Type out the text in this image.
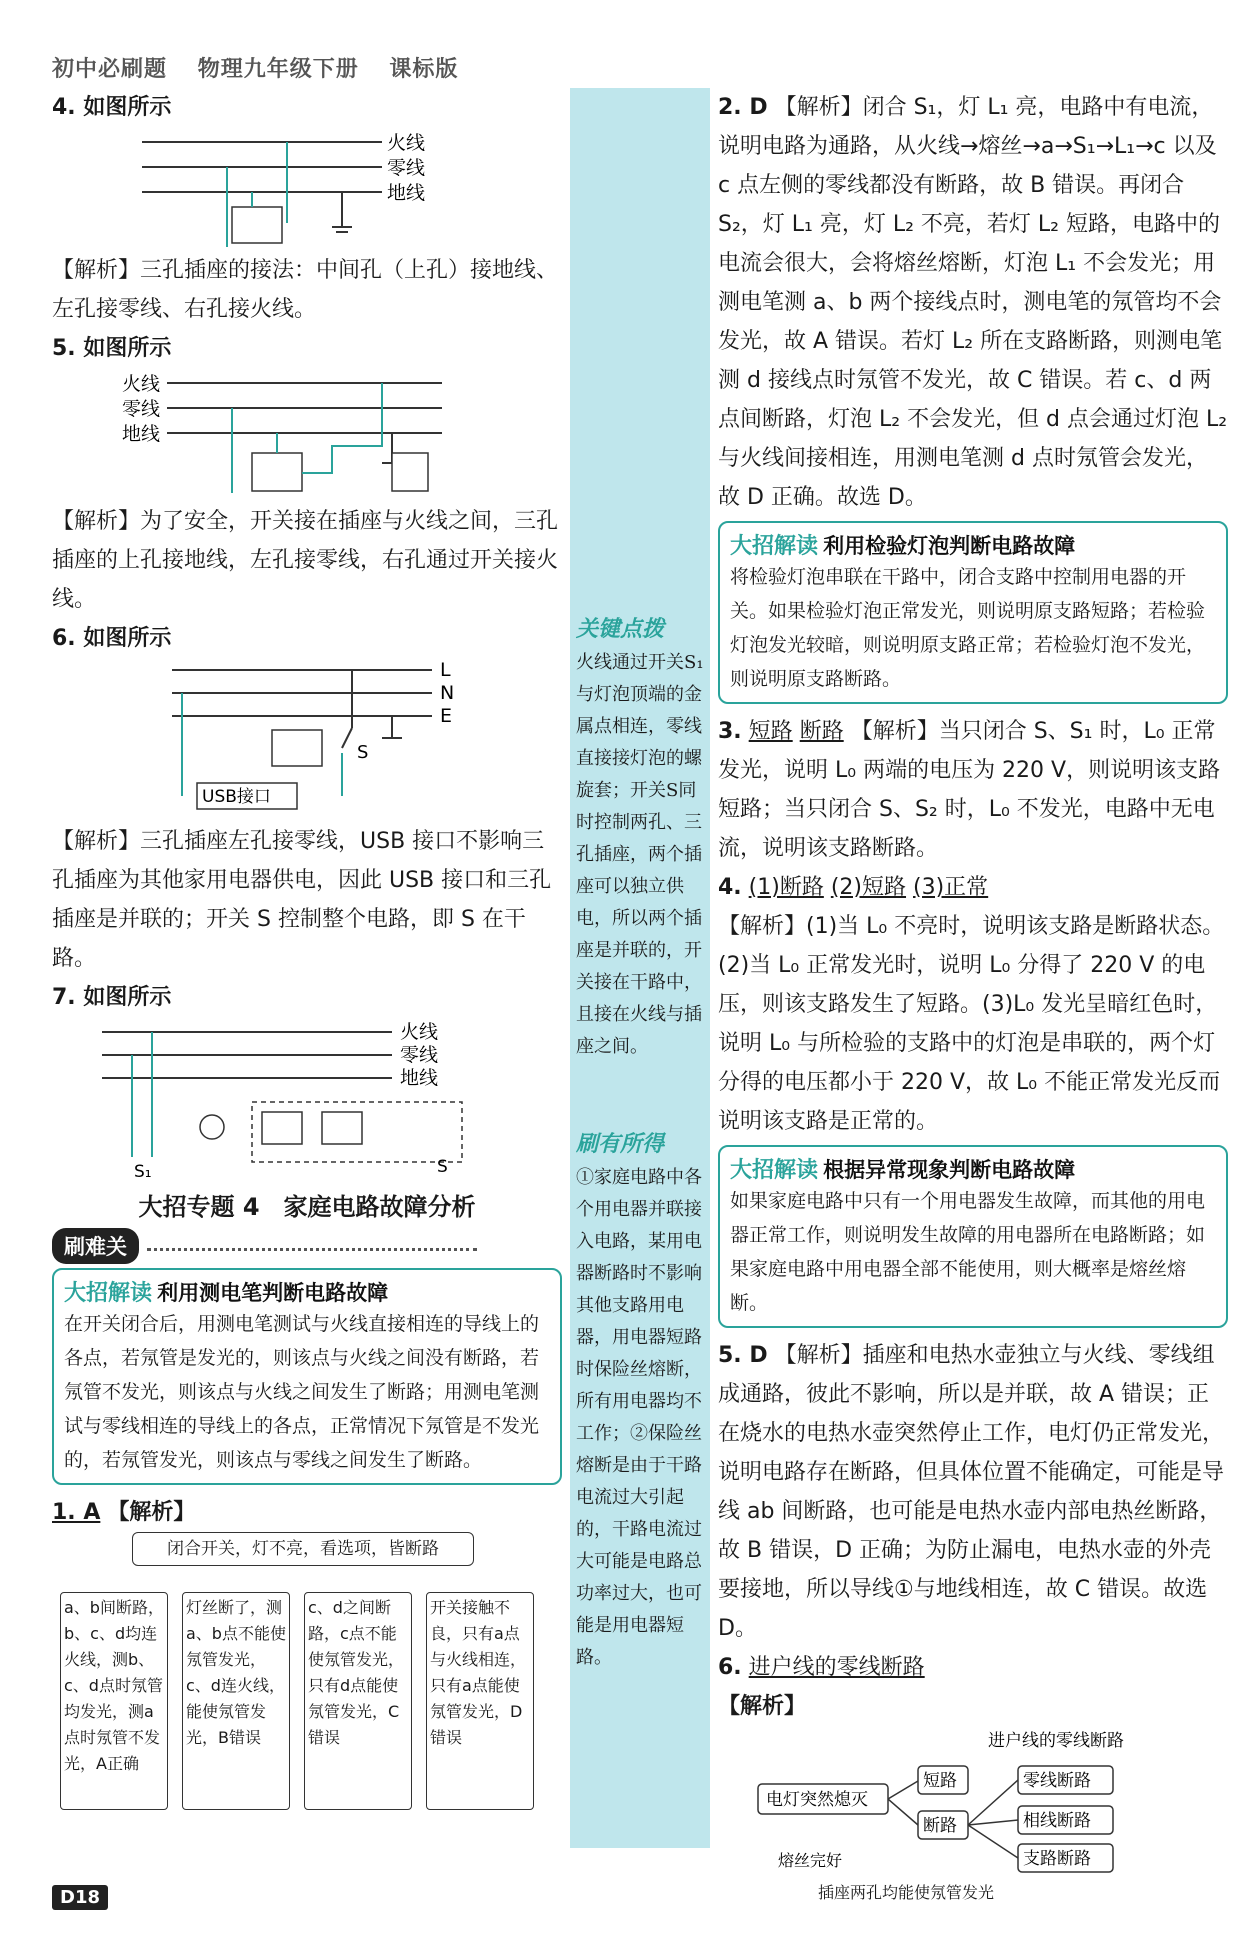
初中必刷题 物理九年级下册 课标版
4. 如图所示
火线
零线
地线

【解析】三孔插座的接法：中间孔（上孔）接地线、左孔接零线、右孔接火线。

5. 如图所示
火线
零线
地线

【解析】为了安全，开关接在插座与火线之间，三孔插座的上孔接地线，左孔接零线，右孔通过开关接火线。

6. 如图所示
L
N
E
USB接口
S

【解析】三孔插座左孔接零线，USB 接口不影响三孔插座为其他家用电器供电，因此 USB 接口和三孔插座是并联的；开关 S 控制整个电路，即 S 在干路。

7. 如图所示
火线
零线
地线
S₁	S
大招专题 4　家庭电路故障分析
刷难关
大招解读 利用测电笔判断电路故障
在开关闭合后，用测电笔测试与火线直接相连的导线上的各点，若氖管是发光的，则该点与火线之间没有断路，若氖管不发光，则该点与火线之间发生了断路；用测电笔测试与零线相连的导线上的各点，正常情况下氖管是不发光的，若氖管发光，则该点与零线之间发生了断路。
1. A 【解析】
闭合开关，灯不亮，看选项，皆断路
a、b间断路，b、c、d均连火线，测b、c、d点时氖管均发光，测a点时氖管不发光，A正确
灯丝断了，测a、b点不能使氖管发光，c、d连火线，能使氖管发光，B错误
c、d之间断路，c点不能使氖管发光，只有d点能使氖管发光，C错误
开关接触不良，只有a点与火线相连，只有a点能使氖管发光，D错误
关键点拨
火线通过开关S₁与灯泡顶端的金属点相连，零线直接接灯泡的螺旋套；开关S同时控制两孔、三孔插座，两个插座可以独立供电，所以两个插座是并联的，开关接在干路中，且接在火线与插座之间。
刷有所得
①家庭电路中各个用电器并联接入电路，某用电器断路时不影响其他支路用电器，用电器短路时保险丝熔断，所有用电器均不工作；②保险丝熔断是由于干路电流过大引起的，干路电流过大可能是电路总功率过大，也可能是用电器短路。

2. D 【解析】闭合 S₁，灯 L₁ 亮，电路中有电流，说明电路为通路，从火线→熔丝→a→S₁→L₁→c 以及 c 点左侧的零线都没有断路，故 B 错误。再闭合 S₂，灯 L₁ 亮，灯 L₂ 不亮，若灯 L₂ 短路，电路中的电流会很大，会将熔丝熔断，灯泡 L₁ 不会发光；用测电笔测 a、b 两个接线点时，测电笔的氖管均不会发光，故 A 错误。若灯 L₂ 所在支路断路，则测电笔测 d 接线点时氖管不发光，故 C 错误。若 c、d 两点间断路，灯泡 L₂ 不会发光，但 d 点会通过灯泡 L₂ 与火线间接相连，用测电笔测 d 点时氖管会发光，故 D 正确。故选 D。

大招解读 利用检验灯泡判断电路故障
将检验灯泡串联在干路中，闭合支路中控制用电器的开关。如果检验灯泡正常发光，则说明原支路短路；若检验灯泡发光较暗，则说明原支路正常；若检验灯泡不发光，则说明原支路断路。

3. 短路 断路 【解析】当只闭合 S、S₁ 时，L₀ 正常发光，说明 L₀ 两端的电压为 220 V，则说明该支路短路；当只闭合 S、S₂ 时，L₀ 不发光，电路中无电流，说明该支路断路。

4. (1)断路 (2)短路 (3)正常
【解析】(1)当 L₀ 不亮时，说明该支路是断路状态。(2)当 L₀ 正常发光时，说明 L₀ 分得了 220 V 的电压，则该支路发生了短路。(3)L₀ 发光呈暗红色时，说明 L₀ 与所检验的支路中的灯泡是串联的，两个灯分得的电压都小于 220 V，故 L₀ 不能正常发光反而说明该支路是正常的。

大招解读 根据异常现象判断电路故障
如果家庭电路中只有一个用电器发生故障，而其他的用电器正常工作，则说明发生故障的用电器所在电路断路；如果家庭电路中用电器全部不能使用，则大概率是熔丝熔断。

5. D 【解析】插座和电热水壶独立与火线、零线组成通路，彼此不影响，所以是并联，故 A 错误；正在烧水的电热水壶突然停止工作，电灯仍正常发光，说明电路存在断路，但具体位置不能确定，可能是导线 ab 间断路，也可能是电热水壶内部电热丝断路，故 B 错误，D 正确；为防止漏电，电热水壶的外壳要接地，所以导线①与地线相连，故 C 错误。故选 D。

6. 进户线的零线断路

【解析】

进户线的零线断路
电灯突然熄灭
短路
断路
零线断路
相线断路
支路断路
熔丝完好
插座两孔均能使氖管发光
D18
